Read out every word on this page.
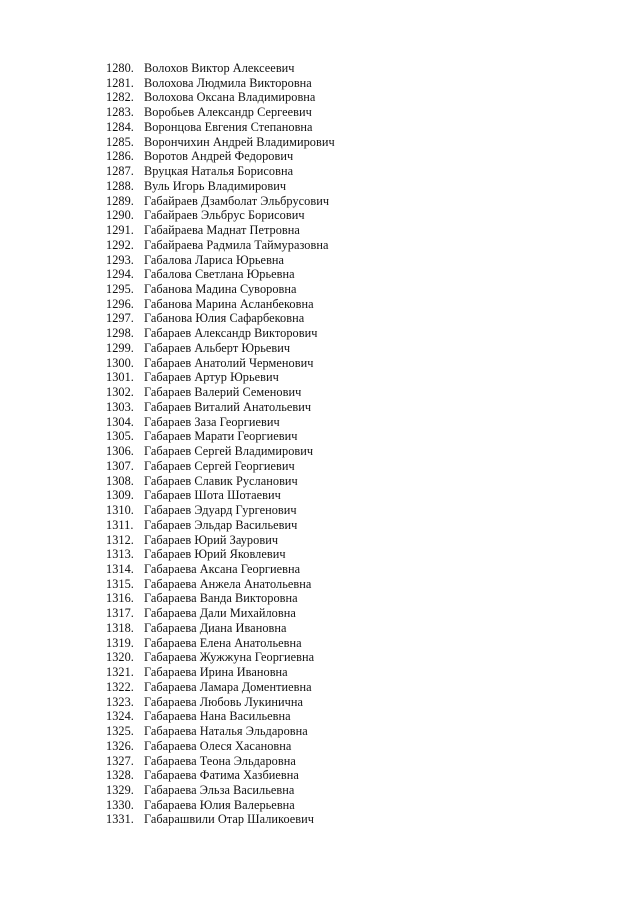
1280. Волохов Виктор Алексеевич
1281. Волохова Людмила Викторовна
1282. Волохова Оксана Владимировна
1283. Воробьев Александр Сергеевич
1284. Воронцова Евгения Степановна
1285. Ворончихин Андрей Владимирович
1286. Воротов Андрей Федорович
1287. Вруцкая Наталья Борисовна
1288. Вуль Игорь Владимирович
1289. Габайраев Дзамболат Эльбрусович
1290. Габайраев Эльбрус Борисович
1291. Габайраева Маднат Петровна
1292. Габайраева Радмила Таймуразовна
1293. Габалова Лариса Юрьевна
1294. Габалова Светлана Юрьевна
1295. Габанова Мадина Суворовна
1296. Габанова Марина Асланбековна
1297. Габанова Юлия Сафарбековна
1298. Габараев Александр Викторович
1299. Габараев Альберт Юрьевич
1300. Габараев Анатолий Черменович
1301. Габараев Артур Юрьевич
1302. Габараев Валерий Семенович
1303. Габараев Виталий Анатольевич
1304. Габараев Заза Георгиевич
1305. Габараев Марати Георгиевич
1306. Габараев Сергей Владимирович
1307. Габараев Сергей Георгиевич
1308. Габараев Славик Русланович
1309. Габараев Шота Шотаевич
1310. Габараев Эдуард Гургенович
1311. Габараев Эльдар Васильевич
1312. Габараев Юрий Заурович
1313. Габараев Юрий Яковлевич
1314. Габараева Аксана Георгиевна
1315. Габараева Анжела Анатольевна
1316. Габараева Ванда Викторовна
1317. Габараева Дали Михайловна
1318. Габараева Диана Ивановна
1319. Габараева Елена Анатольевна
1320. Габараева Жужжуна Георгиевна
1321. Габараева Ирина Ивановна
1322. Габараева Ламара Доментиевна
1323. Габараева Любовь Лукинична
1324. Габараева Нана Васильевна
1325. Габараева Наталья Эльдаровна
1326. Габараева Олеся Хасановна
1327. Габараева Теона Эльдаровна
1328. Габараева Фатима Хазбиевна
1329. Габараева Эльза Васильевна
1330. Габараева Юлия Валерьевна
1331. Габарашвили Отар Шаликоевич
